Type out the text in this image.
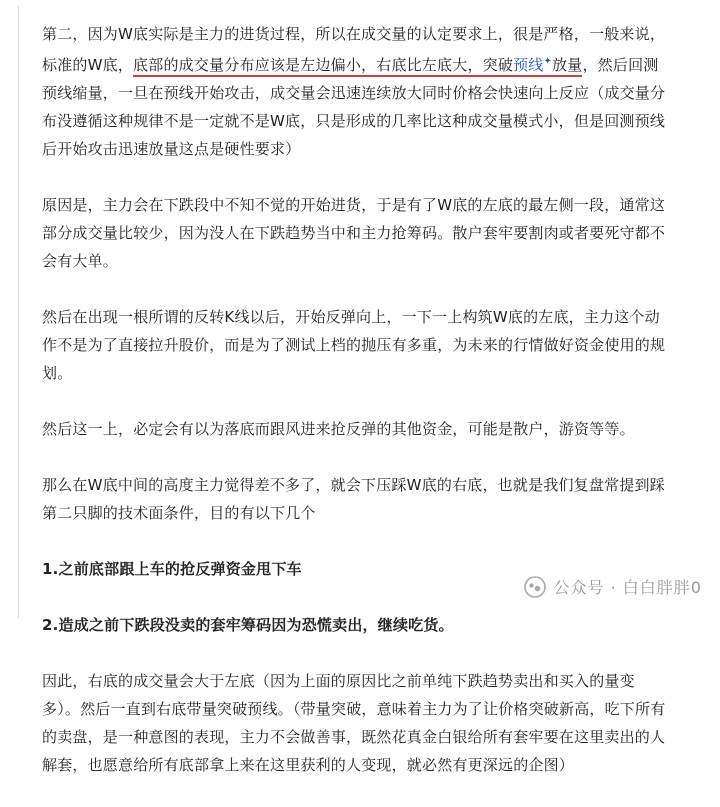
第二，因为W底实际是主力的进货过程，所以在成交量的认定要求上，很是严格，一般来说，标准的W底，底部的成交量分布应该是左边偏小，右底比左底大，突破预线✦放量，然后回测预线缩量，一旦在预线开始攻击，成交量会迅速连续放大同时价格会快速向上反应（成交量分布没遵循这种规律不是一定就不是W底，只是形成的几率比这种成交量模式小，但是回测预线后开始攻击迅速放量这点是硬性要求）

原因是，主力会在下跌段中不知不觉的开始进货，于是有了W底的左底的最左侧一段，通常这部分成交量比较少，因为没人在下跌趋势当中和主力抢筹码。散户套牢要割肉或者要死守都不会有大单。

然后在出现一根所谓的反转K线以后，开始反弹向上，一下一上构筑W底的左底，主力这个动作不是为了直接拉升股价，而是为了测试上档的抛压有多重，为未来的行情做好资金使用的规划。

然后这一上，必定会有以为落底而跟风进来抢反弹的其他资金，可能是散户，游资等等。

那么在W底中间的高度主力觉得差不多了，就会下压踩W底的右底，也就是我们复盘常提到踩第二只脚的技术面条件，目的有以下几个

1.之前底部跟上车的抢反弹资金甩下车

2.造成之前下跌段没卖的套牢筹码因为恐慌卖出，继续吃货。

因此，右底的成交量会大于左底（因为上面的原因比之前单纯下跌趋势卖出和买入的量变多）。然后一直到右底带量突破预线。（带量突破，意味着主力为了让价格突破新高，吃下所有的卖盘，是一种意图的表现，主力不会做善事，既然花真金白银给所有套牢要在这里卖出的人解套，也愿意给所有底部拿上来在这里获利的人变现，就必然有更深远的企图）

公众号 · 白白胖胖0
